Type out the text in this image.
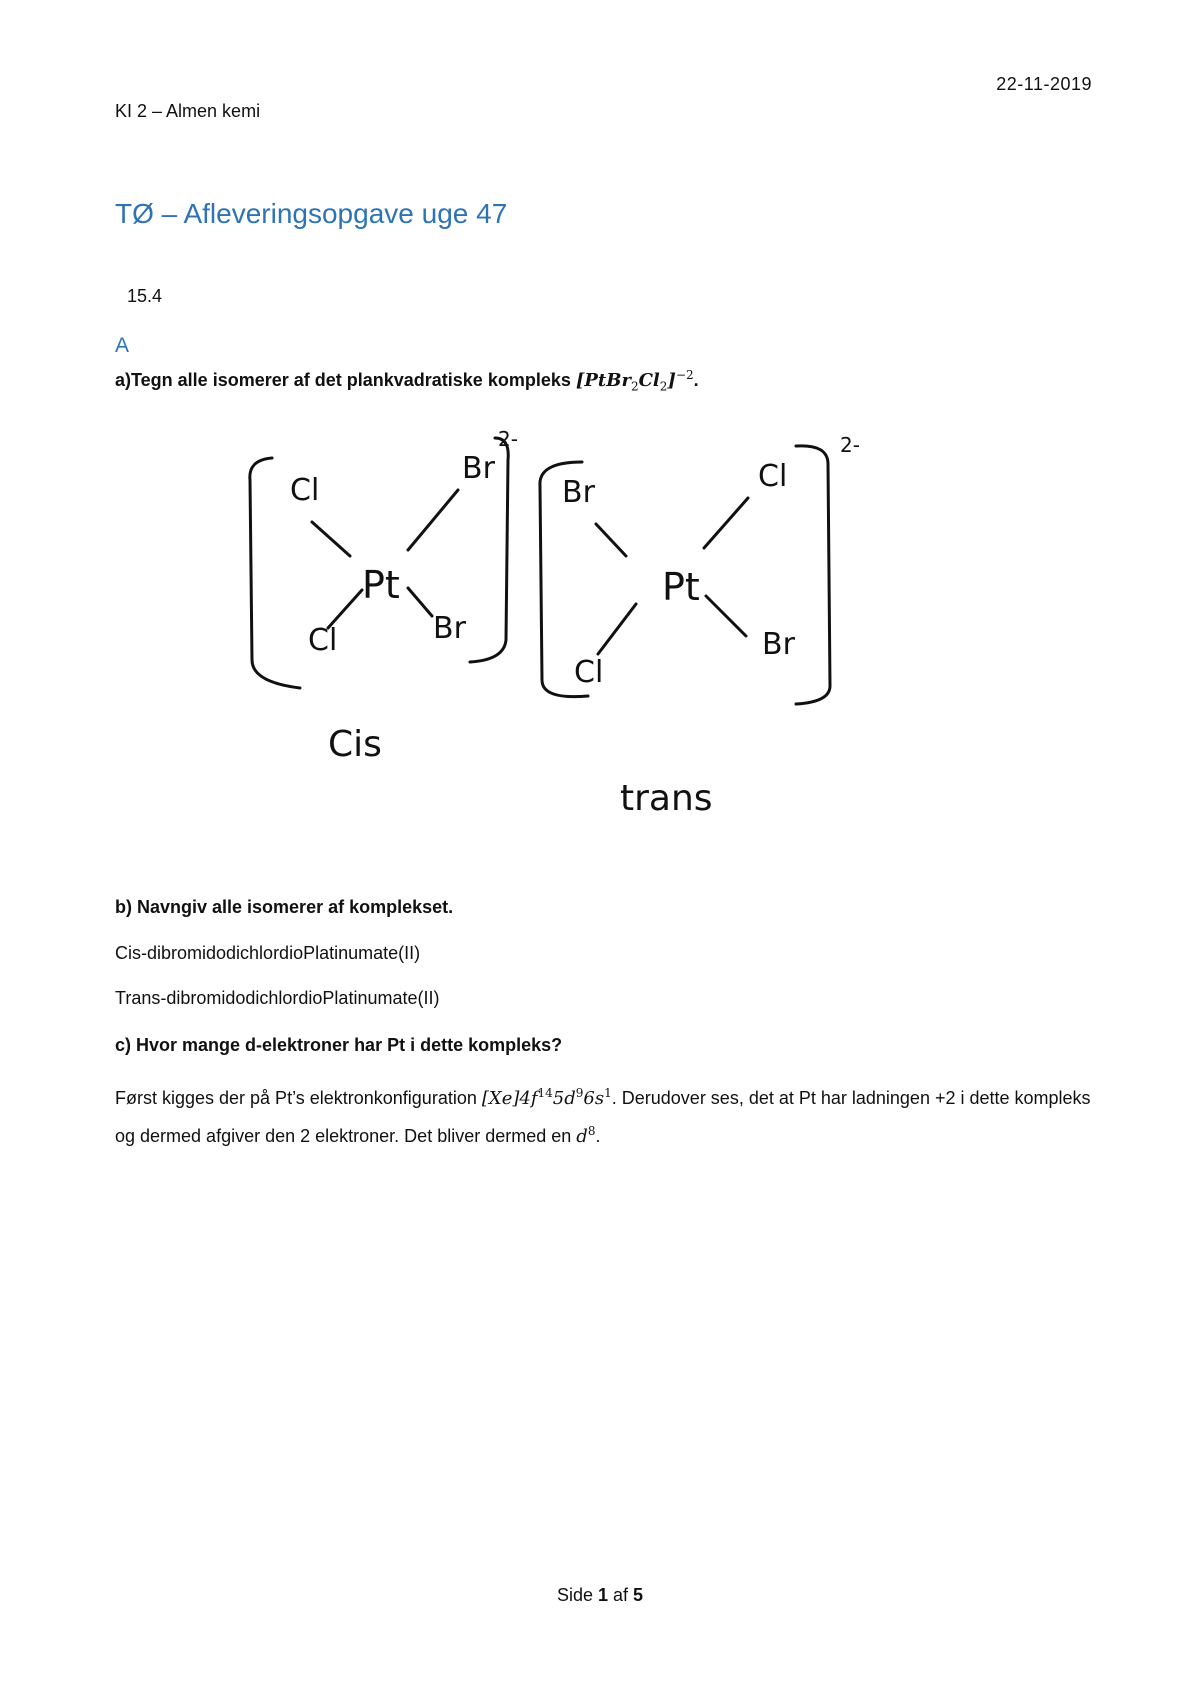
22-11-2019
KI 2 – Almen kemi
TØ – Afleveringsopgave uge 47
15.4
A
a)Tegn alle isomerer af det plankvadratiske kompleks $[PtBr_2Cl_2]^{-2}$.
2-
Cl
Br
Pt
Cl	Br
Cis
2-
Br	Cl
Pt
Cl
Br
trans
b) Navngiv alle isomerer af komplekset.
Cis-dibromidodichlordioPlatinumate(II)
Trans-dibromidodichlordioPlatinumate(II)
c) Hvor mange d-elektroner har Pt i dette kompleks?
Først kigges der på Pt’s elektronkonfiguration $[Xe]4f^{14}5d^96s^1$. Derudover ses, det at Pt har ladningen +2 i dette kompleks og dermed afgiver den 2 elektroner. Det bliver dermed en $d^8$.
Side 1 af 5
